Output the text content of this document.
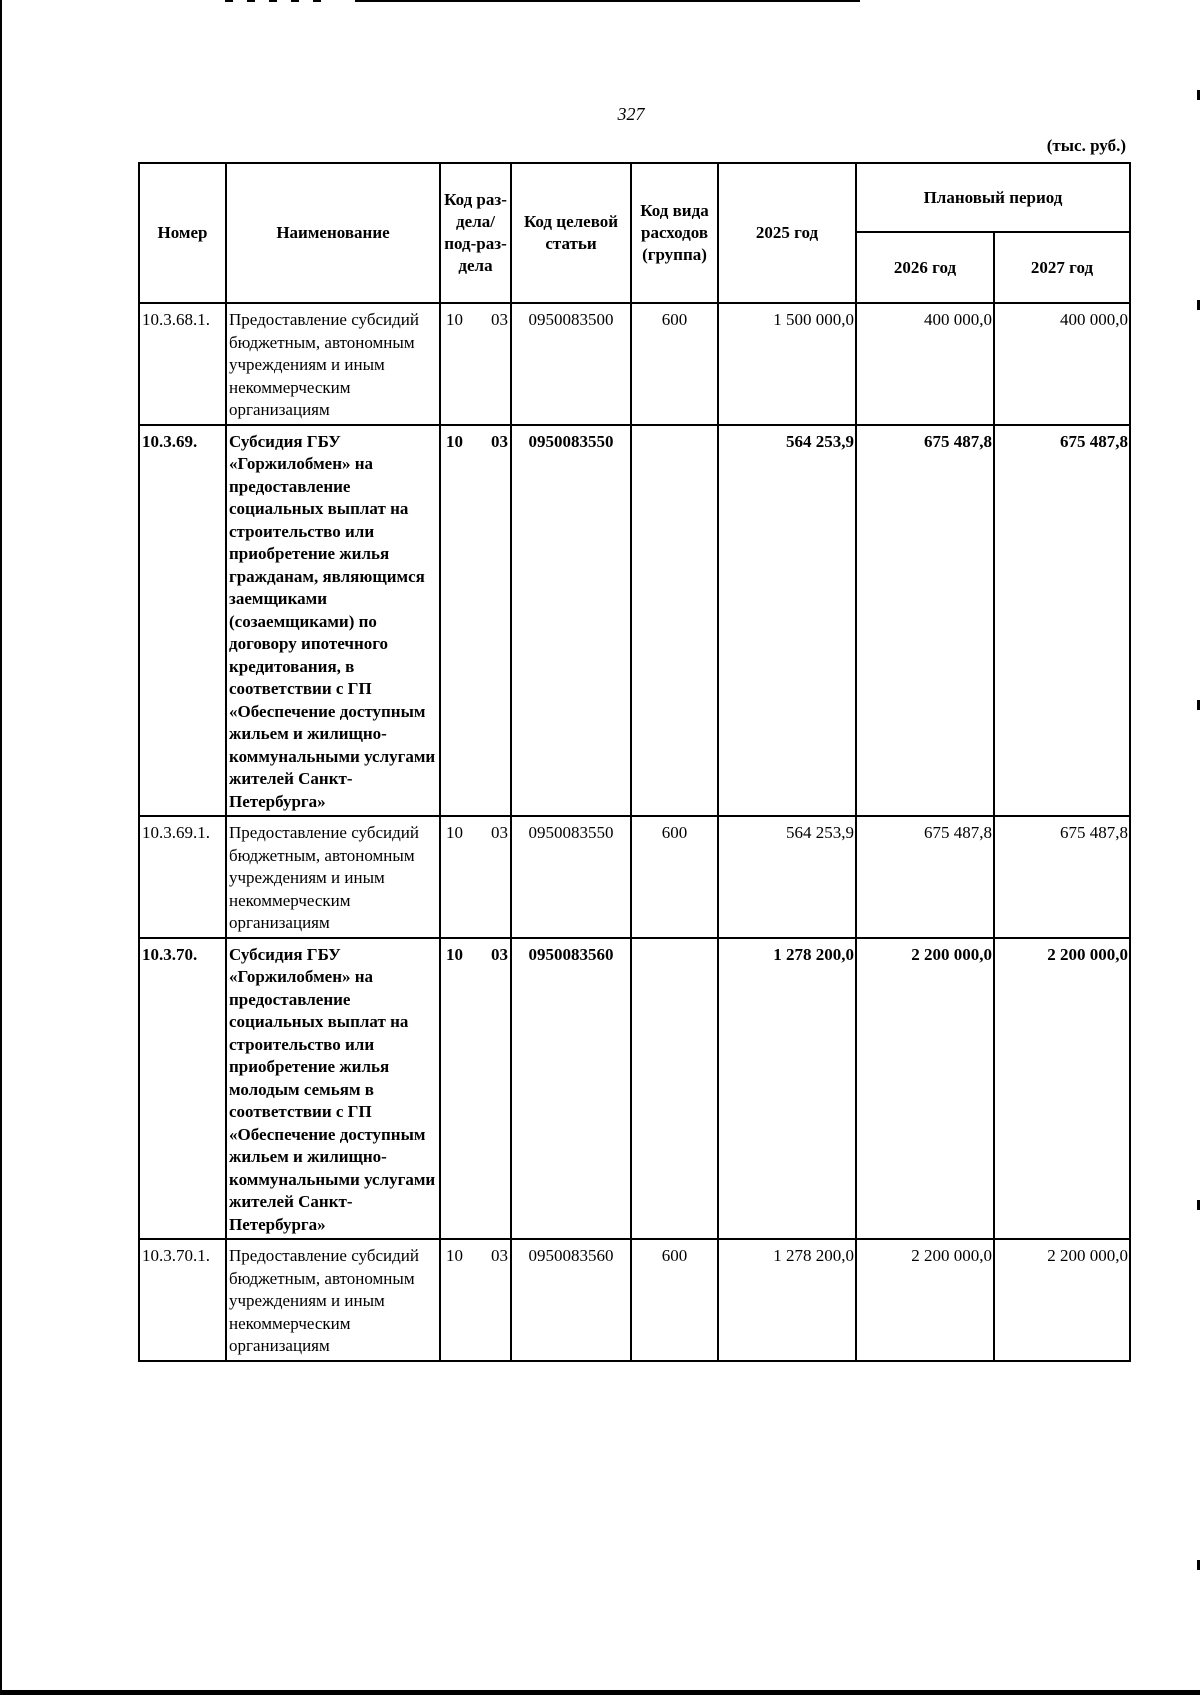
327
(тыс. руб.)
Номер	Наименование	Код раз-дела/ под-раз-дела	Код целевой статьи	Код вида расходов (группа)	2025 год	Плановый период	
						2026 год	2027 год
10.3.68.1.	Предоставление субсидий бюджетным, автономным учреждениям и иным некоммерческим организациям	10 03	0950083500	600	1 500 000,0	400 000,0	400 000,0
10.3.69.	Субсидия ГБУ «Горжилобмен» на предоставление социальных выплат на строительство или приобретение жилья гражданам, являющимся заемщиками (созаемщиками) по договору ипотечного кредитования, в соответствии с ГП «Обеспечение доступным жильем и жилищно-коммунальными услугами жителей Санкт-Петербурга»	10 03	0950083550		564 253,9	675 487,8	675 487,8
10.3.69.1.	Предоставление субсидий бюджетным, автономным учреждениям и иным некоммерческим организациям	10 03	0950083550	600	564 253,9	675 487,8	675 487,8
10.3.70.	Субсидия ГБУ «Горжилобмен» на предоставление социальных выплат на строительство или приобретение жилья молодым семьям в соответствии с ГП «Обеспечение доступным жильем и жилищно-коммунальными услугами жителей Санкт-Петербурга»	10 03	0950083560		1 278 200,0	2 200 000,0	2 200 000,0
10.3.70.1.	Предоставление субсидий бюджетным, автономным учреждениям и иным некоммерческим организациям	10 03	0950083560	600	1 278 200,0	2 200 000,0	2 200 000,0
